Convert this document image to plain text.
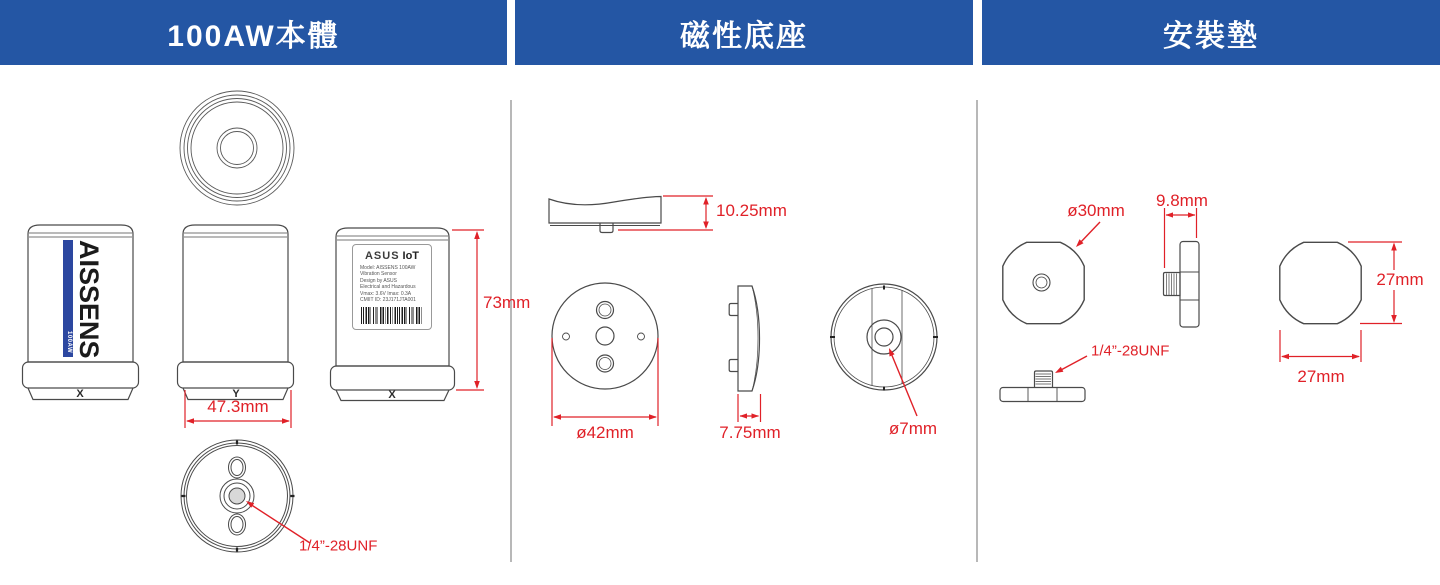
100AW本體	磁性底座	安裝墊
AISSENS
100AW
ASUS IoT
Model: AISSENS 100AW
Vibration Sensor
Design by ASUS
Electrical and Hazardous
Vmax: 3.6V Imax: 0.3A
CMIIT ID: 23J171JTA001
X	Y	X
47.3mm
73mm
1/4”-28UNF
10.25mm
ø42mm	7.75mm	ø7mm
ø30mm
9.8mm
1/4”-28UNF
27mm
27mm
